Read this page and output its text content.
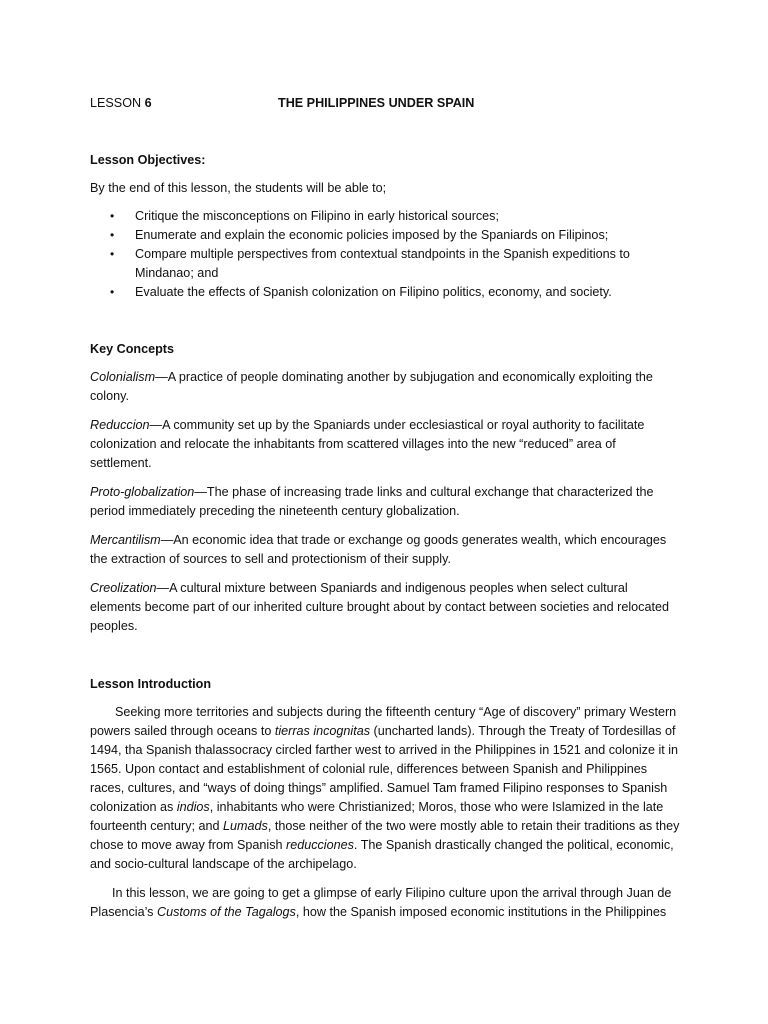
LESSON 6	THE PHILIPPINES UNDER SPAIN

Lesson Objectives:

By the end of this lesson, the students will be able to;

• Critique the misconceptions on Filipino in early historical sources;
• Enumerate and explain the economic policies imposed by the Spaniards on Filipinos;
• Compare multiple perspectives from contextual standpoints in the Spanish expeditions to Mindanao; and
• Evaluate the effects of Spanish colonization on Filipino politics, economy, and society.

Key Concepts

Colonialism—A practice of people dominating another by subjugation and economically exploiting the colony.

Reduccion—A community set up by the Spaniards under ecclesiastical or royal authority to facilitate colonization and relocate the inhabitants from scattered villages into the new “reduced” area of settlement.

Proto-globalization—The phase of increasing trade links and cultural exchange that characterized the period immediately preceding the nineteenth century globalization.

Mercantilism—An economic idea that trade or exchange og goods generates wealth, which encourages the extraction of sources to sell and protectionism of their supply.

Creolization—A cultural mixture between Spaniards and indigenous peoples when select cultural elements become part of our inherited culture brought about by contact between societies and relocated peoples.

Lesson Introduction

Seeking more territories and subjects during the fifteenth century “Age of discovery” primary Western powers sailed through oceans to tierras incognitas (uncharted lands). Through the Treaty of Tordesillas of 1494, tha Spanish thalassocracy circled farther west to arrived in the Philippines in 1521 and colonize it in 1565. Upon contact and establishment of colonial rule, differences between Spanish and Philippines races, cultures, and “ways of doing things” amplified. Samuel Tam framed Filipino responses to Spanish colonization as indios, inhabitants who were Christianized; Moros, those who were Islamized in the late fourteenth century; and Lumads, those neither of the two were mostly able to retain their traditions as they chose to move away from Spanish reducciones. The Spanish drastically changed the political, economic, and socio-cultural landscape of the archipelago.

In this lesson, we are going to get a glimpse of early Filipino culture upon the arrival through Juan de Plasencia’s Customs of the Tagalogs, how the Spanish imposed economic institutions in the Philippines
